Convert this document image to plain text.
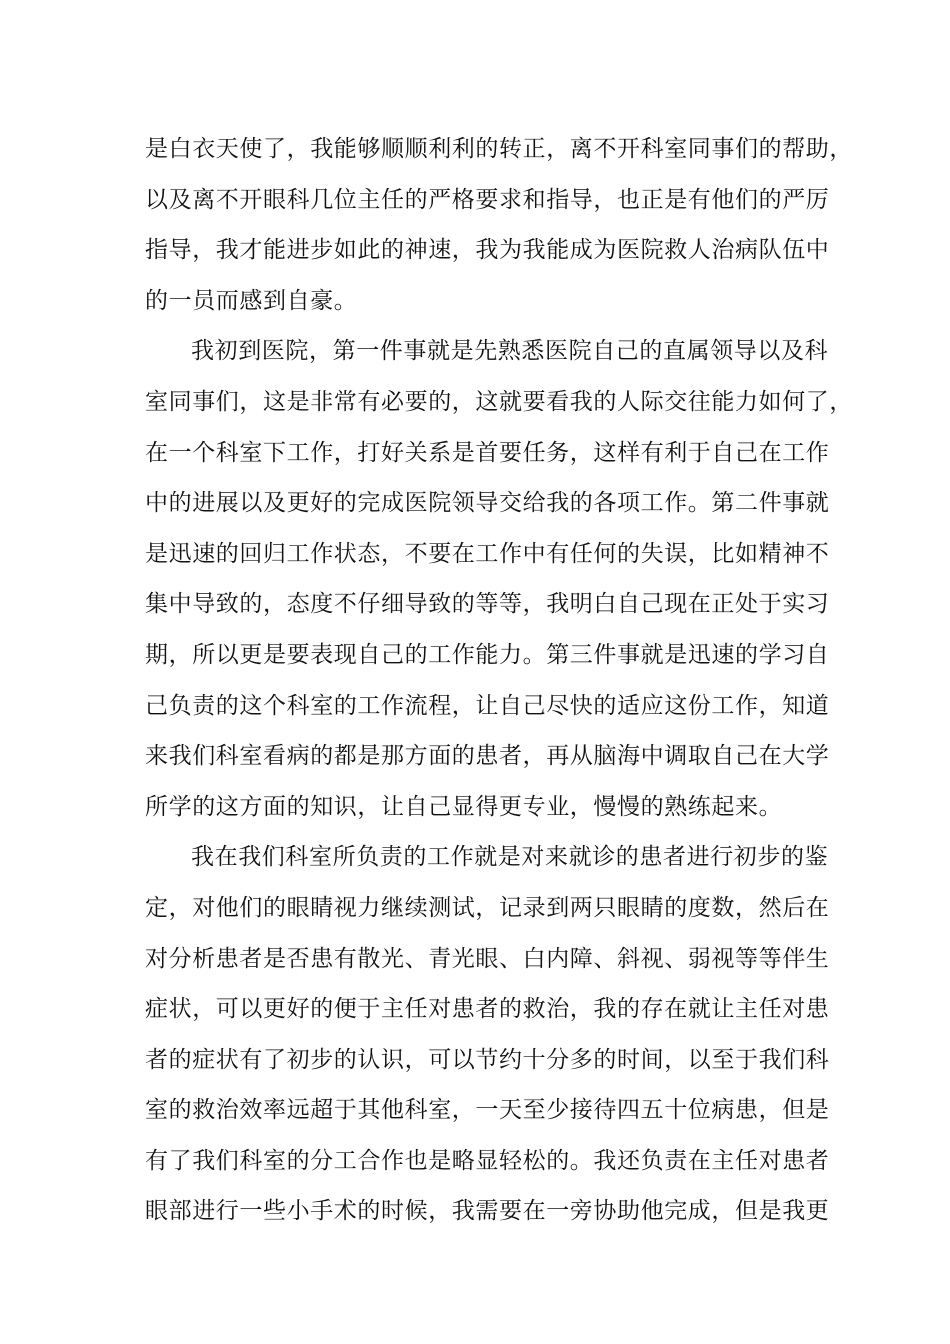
是白衣天使了，我能够顺顺利利的转正，离不开科室同事们的帮助，
以及离不开眼科几位主任的严格要求和指导，也正是有他们的严厉
指导，我才能进步如此的神速，我为我能成为医院救人治病队伍中
的一员而感到自豪。
我初到医院，第一件事就是先熟悉医院自己的直属领导以及科
室同事们，这是非常有必要的，这就要看我的人际交往能力如何了，
在一个科室下工作，打好关系是首要任务，这样有利于自己在工作
中的进展以及更好的完成医院领导交给我的各项工作。第二件事就
是迅速的回归工作状态，不要在工作中有任何的失误，比如精神不
集中导致的，态度不仔细导致的等等，我明白自己现在正处于实习
期，所以更是要表现自己的工作能力。第三件事就是迅速的学习自
己负责的这个科室的工作流程，让自己尽快的适应这份工作，知道
来我们科室看病的都是那方面的患者，再从脑海中调取自己在大学
所学的这方面的知识，让自己显得更专业，慢慢的熟练起来。
我在我们科室所负责的工作就是对来就诊的患者进行初步的鉴
定，对他们的眼睛视力继续测试，记录到两只眼睛的度数，然后在
对分析患者是否患有散光、青光眼、白内障、斜视、弱视等等伴生
症状，可以更好的便于主任对患者的救治，我的存在就让主任对患
者的症状有了初步的认识，可以节约十分多的时间，以至于我们科
室的救治效率远超于其他科室，一天至少接待四五十位病患，但是
有了我们科室的分工合作也是略显轻松的。我还负责在主任对患者
眼部进行一些小手术的时候，我需要在一旁协助他完成，但是我更
